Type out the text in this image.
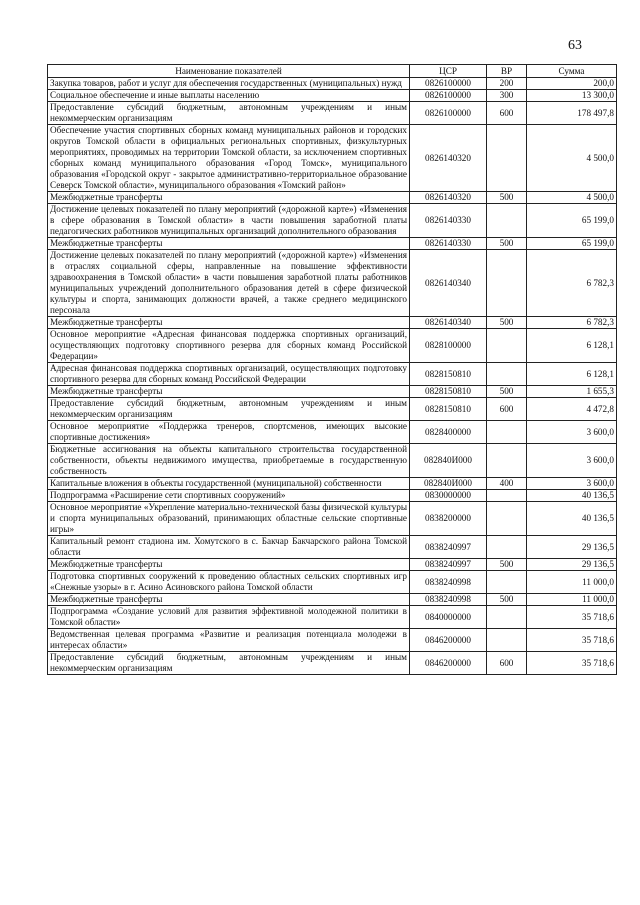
63
Наименование показателей	ЦСР	ВР	Сумма
Закупка товаров, работ и услуг для обеспечения государственных (муниципальных) нужд	0826100000	200	200,0
Социальное обеспечение и иные выплаты населению	0826100000	300	13 300,0
Предоставление субсидий бюджетным, автономным учреждениям и иным некоммерческим организациям	0826100000	600	178 497,8
Обеспечение участия спортивных сборных команд муниципальных районов и городских округов Томской области в официальных региональных спортивных, физкультурных мероприятиях, проводимых на территории Томской области, за исключением спортивных сборных команд муниципального образования «Город Томск», муниципального образования «Городской округ - закрытое административно-территориальное образование Северск Томской области», муниципального образования «Томский район»	0826140320		4 500,0
Межбюджетные трансферты	0826140320	500	4 500,0
Достижение целевых показателей по плану мероприятий («дорожной карте») «Изменения в сфере образования в Томской области» в части повышения заработной платы педагогических работников муниципальных организаций дополнительного образования	0826140330		65 199,0
Межбюджетные трансферты	0826140330	500	65 199,0
Достижение целевых показателей по плану мероприятий («дорожной карте») «Изменения в отраслях социальной сферы, направленные на повышение эффективности здравоохранения в Томской области» в части повышения заработной платы работников муниципальных учреждений дополнительного образования детей в сфере физической культуры и спорта, занимающих должности врачей, а также среднего медицинского персонала	0826140340		6 782,3
Межбюджетные трансферты	0826140340	500	6 782,3
Основное мероприятие «Адресная финансовая поддержка спортивных организаций, осуществляющих подготовку спортивного резерва для сборных команд Российской Федерации»	0828100000		6 128,1
Адресная финансовая поддержка спортивных организаций, осуществляющих подготовку спортивного резерва для сборных команд Российской Федерации	0828150810		6 128,1
Межбюджетные трансферты	0828150810	500	1 655,3
Предоставление субсидий бюджетным, автономным учреждениям и иным некоммерческим организациям	0828150810	600	4 472,8
Основное мероприятие «Поддержка тренеров, спортсменов, имеющих высокие спортивные достижения»	0828400000		3 600,0
Бюджетные ассигнования на объекты капитального строительства государственной собственности, объекты недвижимого имущества, приобретаемые в государственную собственность	082840И000		3 600,0
Капитальные вложения в объекты государственной (муниципальной) собственности	082840И000	400	3 600,0
Подпрограмма «Расширение сети спортивных сооружений»	0830000000		40 136,5
Основное мероприятие «Укрепление материально-технической базы физической культуры и спорта муниципальных образований, принимающих областные сельские спортивные игры»	0838200000		40 136,5
Капитальный ремонт стадиона им. Хомутского в с. Бакчар Бакчарского района Томской области	0838240997		29 136,5
Межбюджетные трансферты	0838240997	500	29 136,5
Подготовка спортивных сооружений к проведению областных сельских спортивных игр «Снежные узоры» в г. Асино Асиновского района Томской области	0838240998		11 000,0
Межбюджетные трансферты	0838240998	500	11 000,0
Подпрограмма «Создание условий для развития эффективной молодежной политики в Томской области»	0840000000		35 718,6
Ведомственная целевая программа «Развитие и реализация потенциала молодежи в интересах области»	0846200000		35 718,6
Предоставление субсидий бюджетным, автономным учреждениям и иным некоммерческим организациям	0846200000	600	35 718,6
